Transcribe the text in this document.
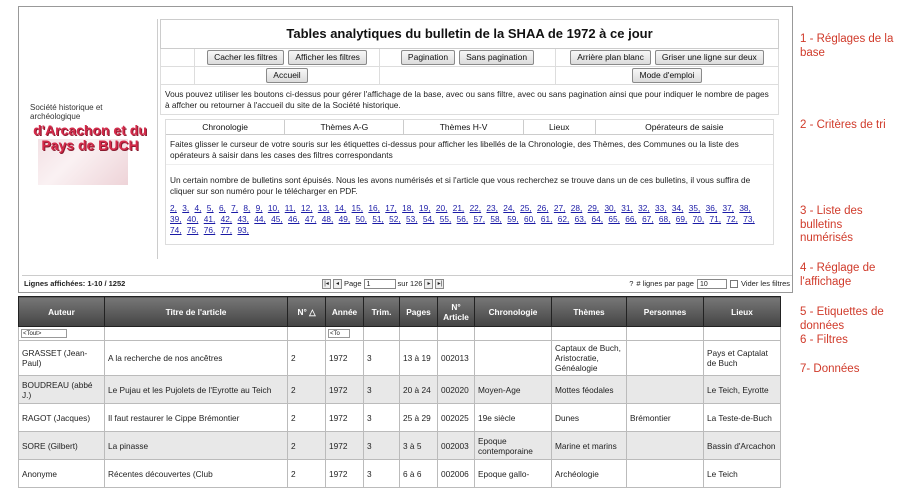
Société historique et archéologique
d'Arcachon et du Pays de BUCH
Tables analytiques du bulletin de la SHAA de 1972 à ce jour
Cacher les filtres	Afficher les filtres	Pagination	Sans pagination	Arrière plan blanc	Griser une ligne sur deux
Accueil	Mode d'emploi
Vous pouvez utiliser les boutons ci-dessus pour gérer l'affichage de la base, avec ou sans filtre, avec ou sans pagination ainsi que pour indiquer le nombre de pages à affcher ou retourner à l'accueil du site de la Société historique.
Chronologie	Thèmes A-G	Thèmes H-V	Lieux	Opérateurs de saisie
Faites glisser le curseur de votre souris sur les étiquettes ci-dessus pour afficher les libellés de la Chronologie, des Thèmes, des Communes ou la liste des opérateurs à saisir dans les cases des filtres correspondants
Un certain nombre de bulletins sont épuisés. Nous les avons numérisés et si l'article que vous recherchez se trouve dans un de ces bulletins, il vous suffira de cliquer sur son numéro pour le télécharger en PDF.
2, 3, 4, 5, 6, 7, 8, 9, 10, 11, 12, 13, 14, 15, 16, 17, 18, 19, 20, 21, 22, 23, 24, 25, 26, 27, 28, 29, 30, 31, 32, 33, 34, 35, 36, 37, 38, 39, 40, 41, 42, 43, 44, 45, 46, 47, 48, 49, 50, 51, 52, 53, 54, 55, 56, 57, 58, 59, 60, 61, 62, 63, 64, 65, 66, 67, 68, 69, 70, 71, 72, 73, 74, 75, 76, 77, 93,
Lignes affichées: 1-10 / 1252	|◂	◂ Page 1	sur 126 ▸	▸|	? # lignes par page 10	Vider les filtres
Auteur	Titre de l'article	N° △	Année	Trim.	Pages	N° Article	Chronologie	Thèmes	Personnes	Lieux

<Tout>			<To							

GRASSET (Jean-Paul)	A la recherche de nos ancêtres	2	1972	3	13 à 19	002013		Captaux de Buch, Aristocratie, Généalogie		Pays et Captalat de Buch
BOUDREAU (abbé J.)	Le Pujau et les Pujolets de l'Eyrotte au Teich	2	1972	3	20 à 24	002020	Moyen-Age	Mottes féodales		Le Teich, Eyrotte
RAGOT (Jacques)	Il faut restaurer le Cippe Brémontier	2	1972	3	25 à 29	002025	19e siècle	Dunes	Brémontier	La Teste-de-Buch
SORE (Gilbert)	La pinasse	2	1972	3	3 à 5	002003	Epoque contemporaine	Marine et marins		Bassin d'Arcachon
Anonyme	Récentes découvertes (Club	2	1972	3	6 à 6	002006	Epoque gallo-	Archéologie		Le Teich
1 - Réglages de la base
2 - Critères de tri
3 - Liste des bulletins numérisés
4 - Réglage de l'affichage
5 - Etiquettes de données
6 - Filtres
7- Données
